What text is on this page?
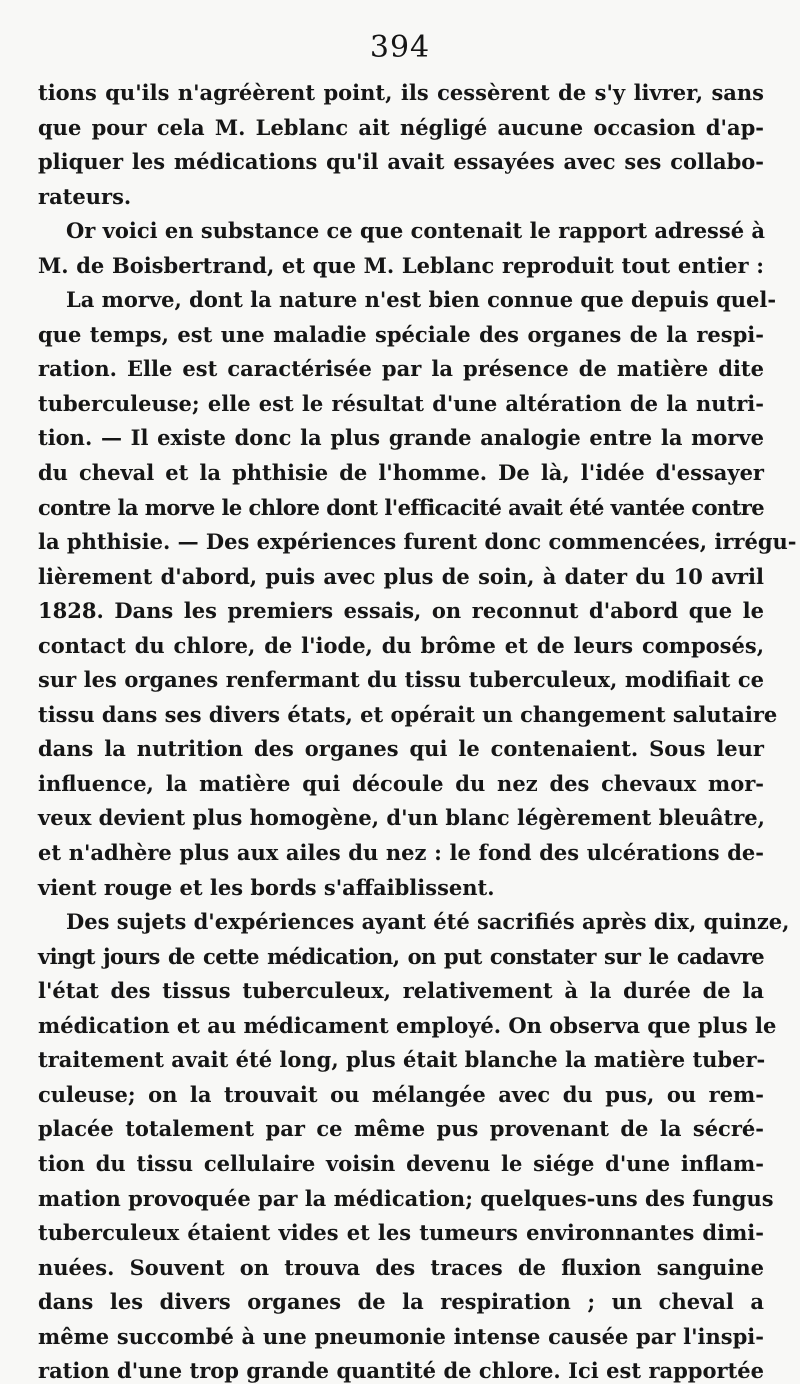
394
tions qu'ils n'agréèrent point, ils cessèrent de s'y livrer, sans
que pour cela M. Leblanc ait négligé aucune occasion d'ap-
pliquer les médications qu'il avait essayées avec ses collabo-
rateurs.
Or voici en substance ce que contenait le rapport adressé à
M. de Boisbertrand, et que M. Leblanc reproduit tout entier :
La morve, dont la nature n'est bien connue que depuis quel-
que temps, est une maladie spéciale des organes de la respi-
ration. Elle est caractérisée par la présence de matière dite
tuberculeuse; elle est le résultat d'une altération de la nutri-
tion. — Il existe donc la plus grande analogie entre la morve
du cheval et la phthisie de l'homme. De là, l'idée d'essayer
contre la morve le chlore dont l'efficacité avait été vantée contre
la phthisie. — Des expériences furent donc commencées, irrégu-
lièrement d'abord, puis avec plus de soin, à dater du 10 avril
1828. Dans les premiers essais, on reconnut d'abord que le
contact du chlore, de l'iode, du brôme et de leurs composés,
sur les organes renfermant du tissu tuberculeux, modifiait ce
tissu dans ses divers états, et opérait un changement salutaire
dans la nutrition des organes qui le contenaient. Sous leur
influence, la matière qui découle du nez des chevaux mor-
veux devient plus homogène, d'un blanc légèrement bleuâtre,
et n'adhère plus aux ailes du nez : le fond des ulcérations de-
vient rouge et les bords s'affaiblissent.
Des sujets d'expériences ayant été sacrifiés après dix, quinze,
vingt jours de cette médication, on put constater sur le cadavre
l'état des tissus tuberculeux, relativement à la durée de la
médication et au médicament employé. On observa que plus le
traitement avait été long, plus était blanche la matière tuber-
culeuse; on la trouvait ou mélangée avec du pus, ou rem-
placée totalement par ce même pus provenant de la sécré-
tion du tissu cellulaire voisin devenu le siége d'une inflam-
mation provoquée par la médication; quelques-uns des fungus
tuberculeux étaient vides et les tumeurs environnantes dimi-
nuées. Souvent on trouva des traces de fluxion sanguine
dans les divers organes de la respiration ; un cheval a
même succombé à une pneumonie intense causée par l'inspi-
ration d'une trop grande quantité de chlore. Ici est rapportée
